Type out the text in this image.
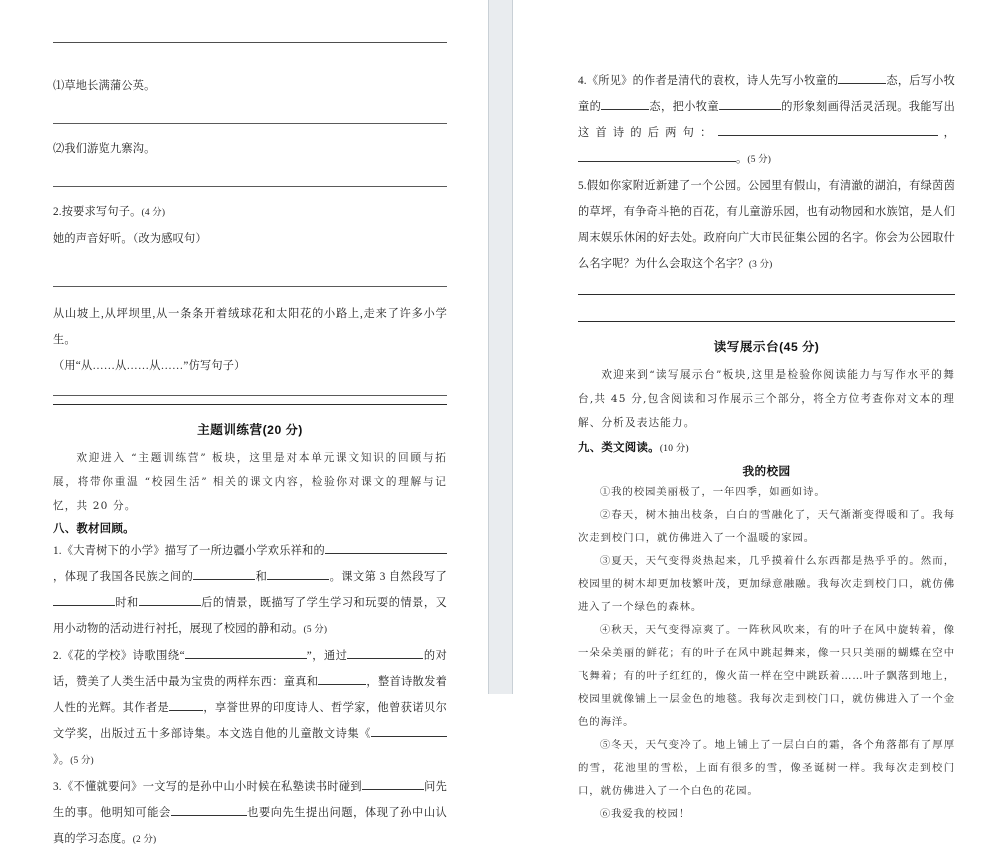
⑴草地长满蒲公英。

⑵我们游览九寨沟。

2.按要求写句子。(4 分)

她的声音好听。（改为感叹句）

从山坡上,从坪坝里,从一条条开着绒球花和太阳花的小路上,走来了许多小学生。

（用“从……从……从……”仿写句子）

主题训练营(20 分)

欢迎进入 “主题训练营” 板块，这里是对本单元课文知识的回顾与拓展，将带你重温 “校园生活” 相关的课文内容，检验你对课文的理解与记忆，共 20 分。

八、教材回顾。

1.《大青树下的小学》描写了一所边疆小学欢乐祥和的，体现了我国各民族之间的	和	。课文第 3 自然段写了时和	后的情景，既描写了学生学习和玩耍的情景，又用小动物的活动进行衬托，展现了校园的静和动。(5 分)

2.《花的学校》诗歌围绕“	”，通过	的对话，赞美了人类生活中最为宝贵的两样东西：童真和	，整首诗散发着人性的光辉。其作者是	，享誉世界的印度诗人、哲学家，他曾获诺贝尔文学奖，出版过五十多部诗集。本文选自他的儿童散文诗集《》。(5 分)

3.《不懂就要问》一文写的是孙中山小时候在私塾读书时碰到	问先生的事。他明知可能会	也要向先生提出问题，体现了孙中山认真的学习态度。(2 分)

4.《所见》的作者是清代的袁枚，诗人先写小牧童的	态，后写小牧童的	态，把小牧童	的形象刻画得活灵活现。我能写出这首诗的后两句：	，。(5 分)

5.假如你家附近新建了一个公园。公园里有假山，有清澈的湖泊，有绿茵茵的草坪，有争奇斗艳的百花，有儿童游乐园，也有动物园和水族馆，是人们周末娱乐休闲的好去处。政府向广大市民征集公园的名字。你会为公园取什么名字呢？为什么会取这个名字？(3 分)

读写展示台(45 分)

欢迎来到“读写展示台”板块,这里是检验你阅读能力与写作水平的舞台,共 45 分,包含阅读和习作展示三个部分，将全方位考查你对文本的理解、分析及表达能力。

九、类文阅读。(10 分)

我的校园

①我的校园美丽极了，一年四季，如画如诗。

②春天，树木抽出枝条，白白的雪融化了，天气渐渐变得暖和了。我每次走到校门口，就仿佛进入了一个温暖的家园。

③夏天，天气变得炎热起来，几乎摸着什么东西都是热乎乎的。然而，校园里的树木却更加枝繁叶茂，更加绿意融融。我每次走到校门口，就仿佛进入了一个绿色的森林。

④秋天，天气变得凉爽了。一阵秋风吹来，有的叶子在风中旋转着，像一朵朵美丽的鲜花；有的叶子在风中跳起舞来，像一只只美丽的蝴蝶在空中飞舞着；有的叶子红红的，像火苗一样在空中跳跃着……叶子飘落到地上，校园里就像铺上一层金色的地毯。我每次走到校门口，就仿佛进入了一个金色的海洋。

⑤冬天，天气变冷了。地上铺上了一层白白的霜，各个角落都有了厚厚的雪，花池里的雪松，上面有很多的雪，像圣诞树一样。我每次走到校门口，就仿佛进入了一个白色的花园。

⑥我爱我的校园！
